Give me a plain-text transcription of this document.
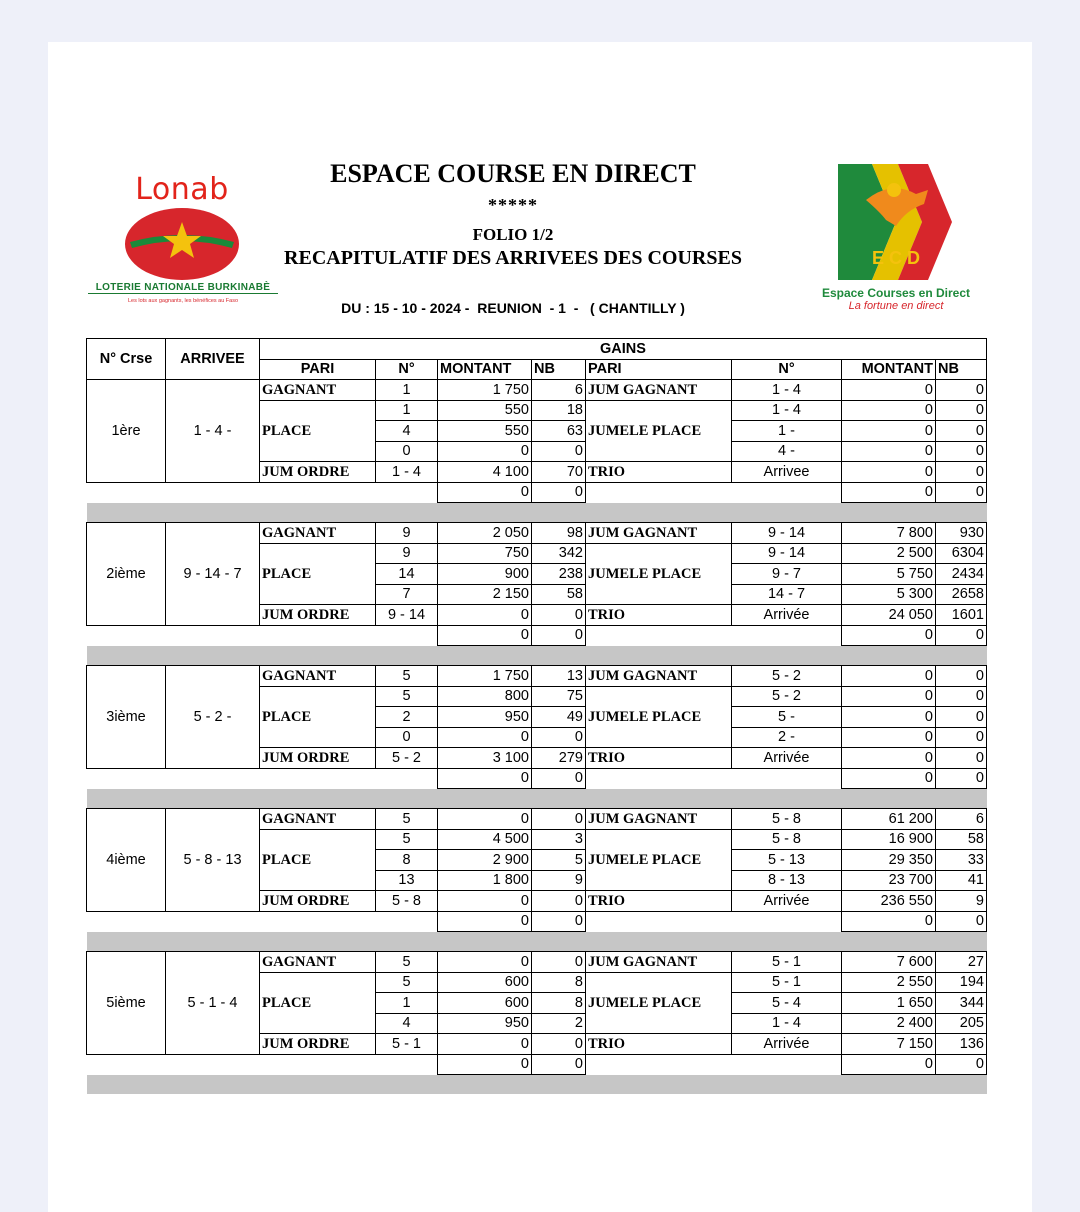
Lonab
LOTERIE NATIONALE BURKINABÈ
Les lots aux gagnants, les bénéfices au Faso
ESPACE COURSE EN DIRECT
*****
FOLIO 1/2
RECAPITULATIF DES ARRIVEES DES COURSES
DU : 15 - 10 - 2024 -  REUNION  - 1  -   ( CHANTILLY )
E C D
Espace Courses en Direct
La fortune en direct
N° Crse	ARRIVEE	GAINS							
		PARI	N°	MONTANT	NB	PARI	N°	MONTANT	NB
1ère	1 - 4 -	GAGNANT	1	1 750	6	JUM GAGNANT	1 - 4	0	0
		PLACE	1	550	18	JUMELE PLACE	1 - 4	0	0
			4	550	63		1 -	0	0
			0	0	0		4 -	0	0
		JUM ORDRE	1 - 4	4 100	70	TRIO	Arrivee	0	0
				0	0			0	0

2ième	9 - 14 - 7	GAGNANT	9	2 050	98	JUM GAGNANT	9 - 14	7 800	930
		PLACE	9	750	342	JUMELE PLACE	9 - 14	2 500	6304
			14	900	238		9 - 7	5 750	2434
			7	2 150	58		14 - 7	5 300	2658
		JUM ORDRE	9 - 14	0	0	TRIO	Arrivée	24 050	1601
				0	0			0	0

3ième	5 - 2 -	GAGNANT	5	1 750	13	JUM GAGNANT	5 - 2	0	0
		PLACE	5	800	75	JUMELE PLACE	5 - 2	0	0
			2	950	49		5 -	0	0
			0	0	0		2 -	0	0
		JUM ORDRE	5 - 2	3 100	279	TRIO	Arrivée	0	0
				0	0			0	0

4ième	5 - 8 - 13	GAGNANT	5	0	0	JUM GAGNANT	5 - 8	61 200	6
		PLACE	5	4 500	3	JUMELE PLACE	5 - 8	16 900	58
			8	2 900	5		5 - 13	29 350	33
			13	1 800	9		8 - 13	23 700	41
		JUM ORDRE	5 - 8	0	0	TRIO	Arrivée	236 550	9
				0	0			0	0

5ième	5 - 1 - 4	GAGNANT	5	0	0	JUM GAGNANT	5 - 1	7 600	27
		PLACE	5	600	8	JUMELE PLACE	5 - 1	2 550	194
			1	600	8		5 - 4	1 650	344
			4	950	2		1 - 4	2 400	205
		JUM ORDRE	5 - 1	0	0	TRIO	Arrivée	7 150	136
				0	0			0	0
